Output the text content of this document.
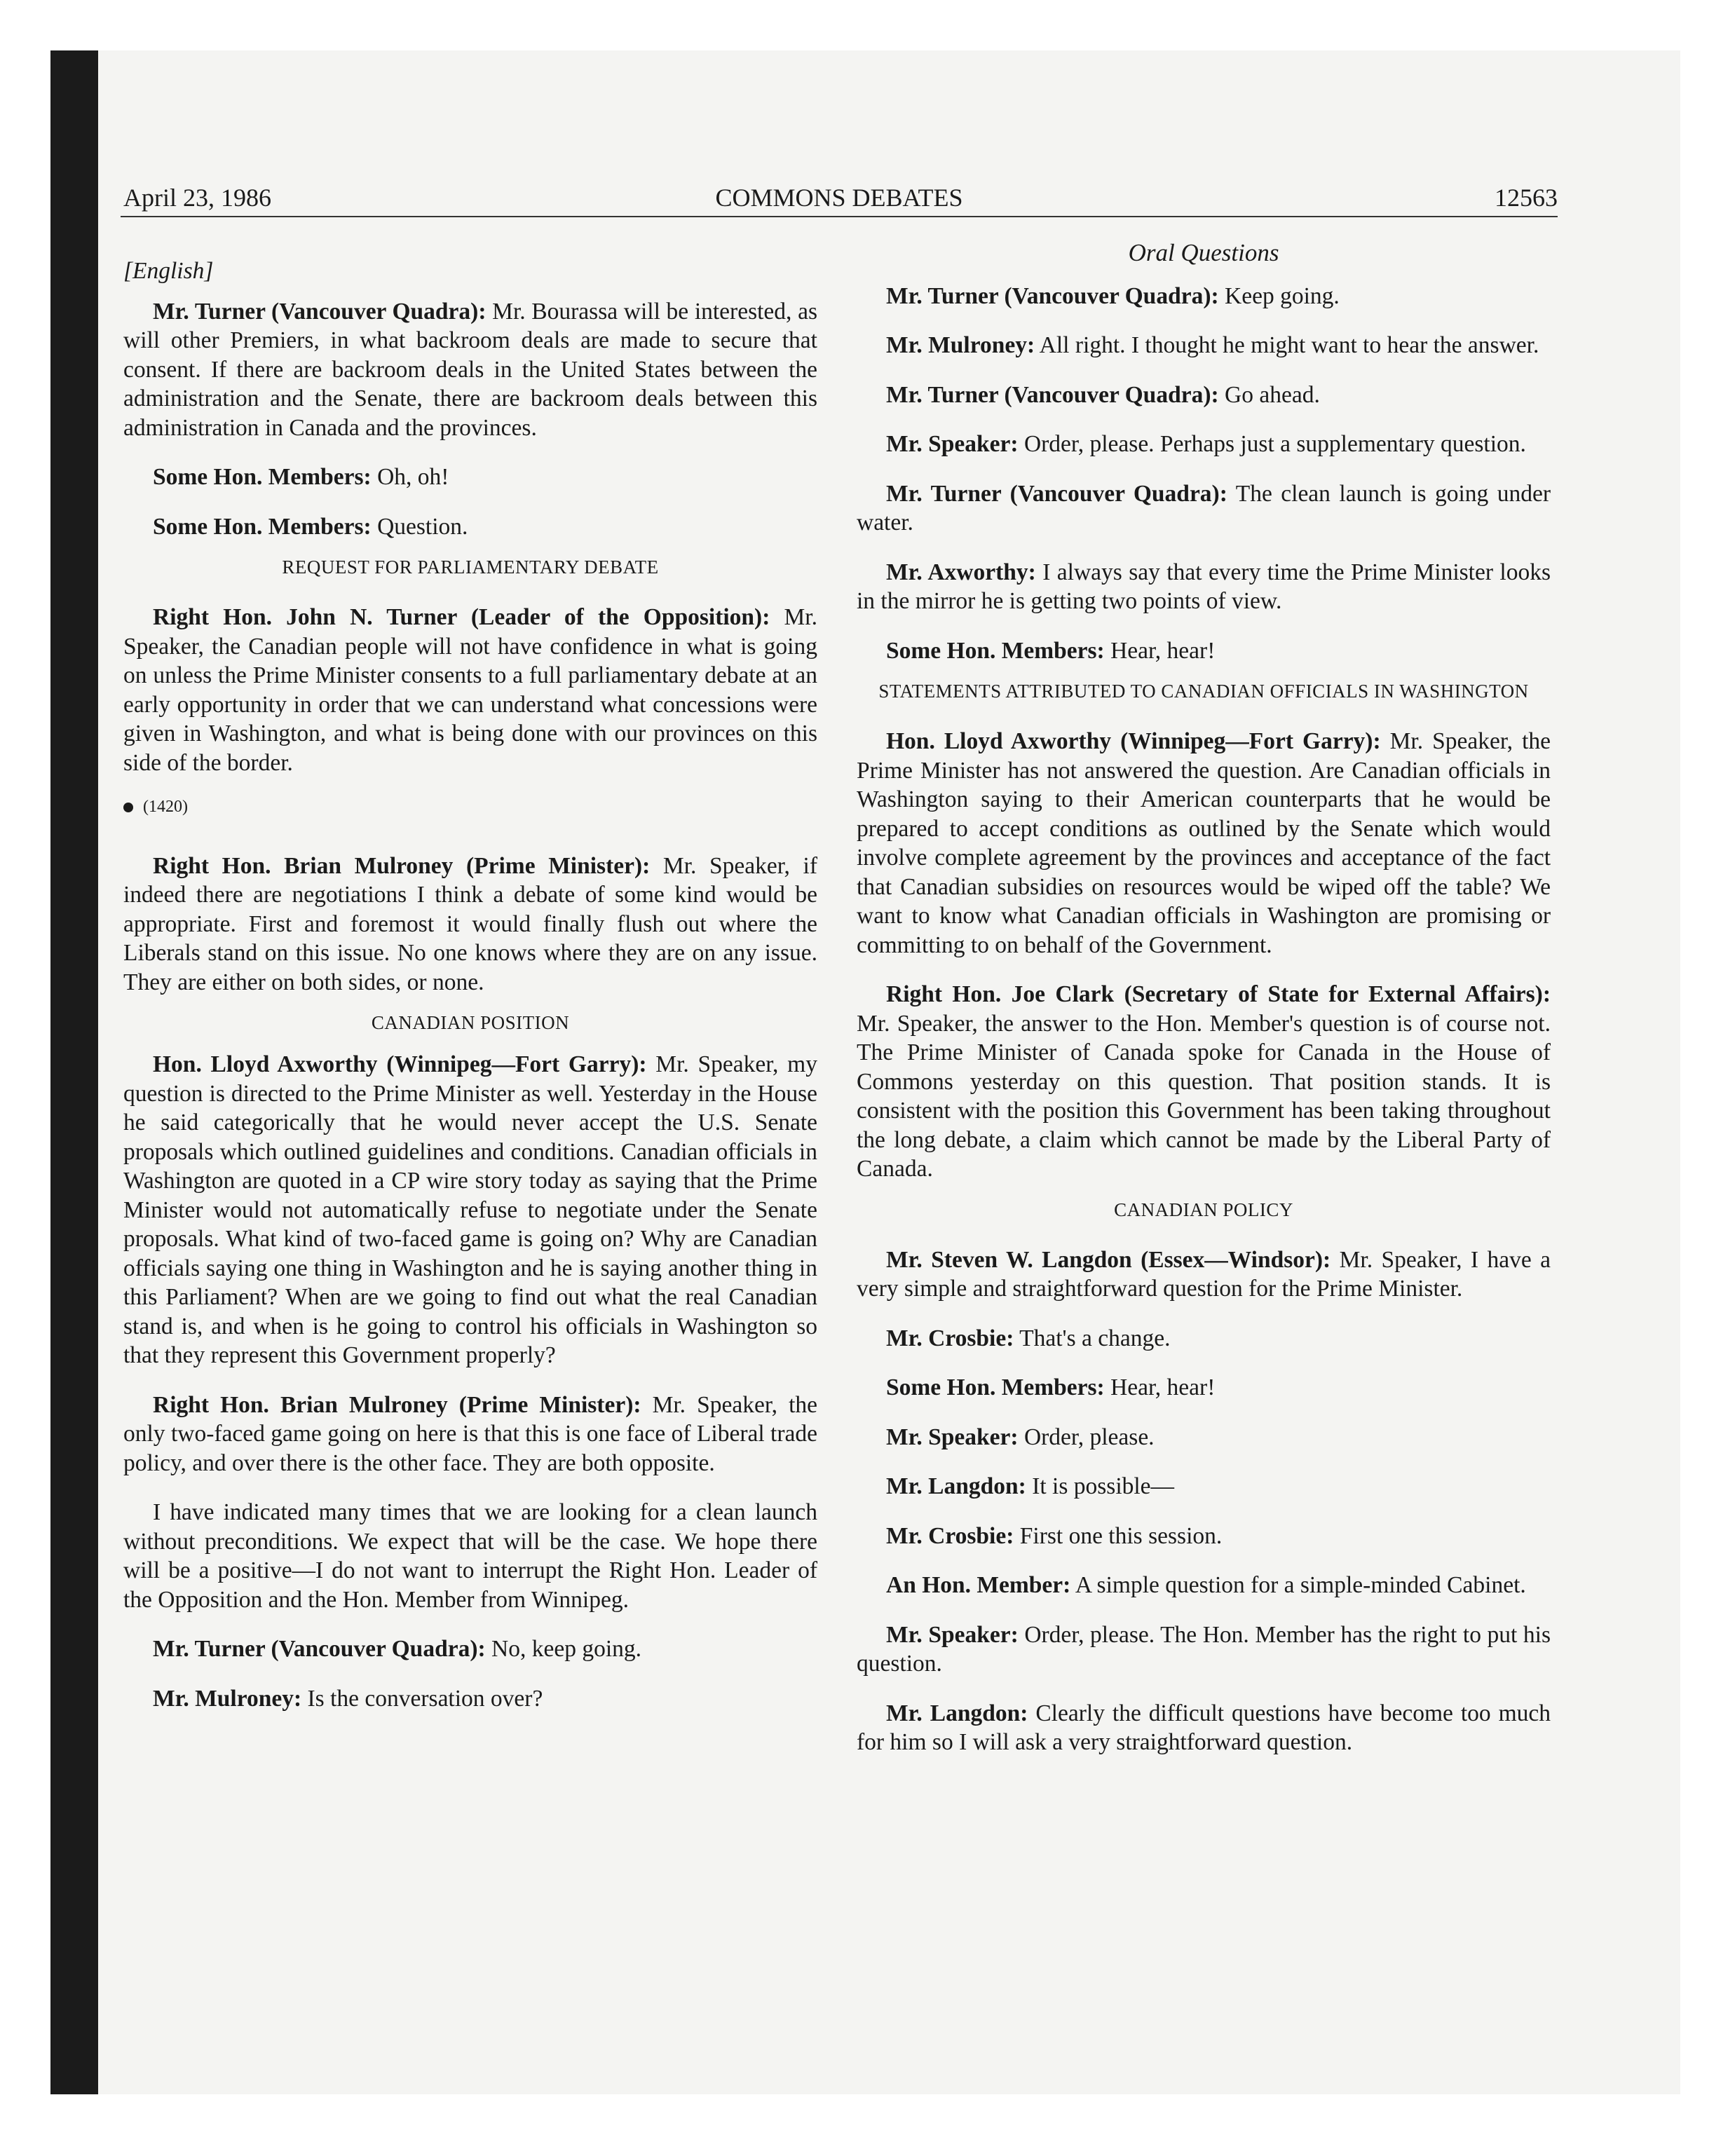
April 23, 1986	COMMONS DEBATES	12563

[English]

Mr. Turner (Vancouver Quadra): Mr. Bourassa will be interested, as will other Premiers, in what backroom deals are made to secure that consent. If there are backroom deals in the United States between the administration and the Senate, there are backroom deals between this administration in Canada and the provinces.

Some Hon. Members: Oh, oh!

Some Hon. Members: Question.

REQUEST FOR PARLIAMENTARY DEBATE

Right Hon. John N. Turner (Leader of the Opposition): Mr. Speaker, the Canadian people will not have confidence in what is going on unless the Prime Minister consents to a full parliamentary debate at an early opportunity in order that we can understand what concessions were given in Washington, and what is being done with our provinces on this side of the border.

(1420)

Right Hon. Brian Mulroney (Prime Minister): Mr. Speaker, if indeed there are negotiations I think a debate of some kind would be appropriate. First and foremost it would finally flush out where the Liberals stand on this issue. No one knows where they are on any issue. They are either on both sides, or none.

CANADIAN POSITION

Hon. Lloyd Axworthy (Winnipeg—Fort Garry): Mr. Speaker, my question is directed to the Prime Minister as well. Yesterday in the House he said categorically that he would never accept the U.S. Senate proposals which outlined guidelines and conditions. Canadian officials in Washington are quoted in a CP wire story today as saying that the Prime Minister would not automatically refuse to negotiate under the Senate proposals. What kind of two-faced game is going on? Why are Canadian officials saying one thing in Washington and he is saying another thing in this Parliament? When are we going to find out what the real Canadian stand is, and when is he going to control his officials in Washington so that they represent this Government properly?

Right Hon. Brian Mulroney (Prime Minister): Mr. Speaker, the only two-faced game going on here is that this is one face of Liberal trade policy, and over there is the other face. They are both opposite.

I have indicated many times that we are looking for a clean launch without preconditions. We expect that will be the case. We hope there will be a positive—I do not want to interrupt the Right Hon. Leader of the Opposition and the Hon. Member from Winnipeg.

Mr. Turner (Vancouver Quadra): No, keep going.

Mr. Mulroney: Is the conversation over?

Oral Questions

Mr. Turner (Vancouver Quadra): Keep going.

Mr. Mulroney: All right. I thought he might want to hear the answer.

Mr. Turner (Vancouver Quadra): Go ahead.

Mr. Speaker: Order, please. Perhaps just a supplementary question.

Mr. Turner (Vancouver Quadra): The clean launch is going under water.

Mr. Axworthy: I always say that every time the Prime Minister looks in the mirror he is getting two points of view.

Some Hon. Members: Hear, hear!

STATEMENTS ATTRIBUTED TO CANADIAN OFFICIALS IN WASHINGTON

Hon. Lloyd Axworthy (Winnipeg—Fort Garry): Mr. Speaker, the Prime Minister has not answered the question. Are Canadian officials in Washington saying to their American counterparts that he would be prepared to accept conditions as outlined by the Senate which would involve complete agreement by the provinces and acceptance of the fact that Canadian subsidies on resources would be wiped off the table? We want to know what Canadian officials in Washington are promising or committing to on behalf of the Government.

Right Hon. Joe Clark (Secretary of State for External Affairs): Mr. Speaker, the answer to the Hon. Member's question is of course not. The Prime Minister of Canada spoke for Canada in the House of Commons yesterday on this question. That position stands. It is consistent with the position this Government has been taking throughout the long debate, a claim which cannot be made by the Liberal Party of Canada.

CANADIAN POLICY

Mr. Steven W. Langdon (Essex—Windsor): Mr. Speaker, I have a very simple and straightforward question for the Prime Minister.

Mr. Crosbie: That's a change.

Some Hon. Members: Hear, hear!

Mr. Speaker: Order, please.

Mr. Langdon: It is possible—

Mr. Crosbie: First one this session.

An Hon. Member: A simple question for a simple-minded Cabinet.

Mr. Speaker: Order, please. The Hon. Member has the right to put his question.

Mr. Langdon: Clearly the difficult questions have become too much for him so I will ask a very straightforward question.
